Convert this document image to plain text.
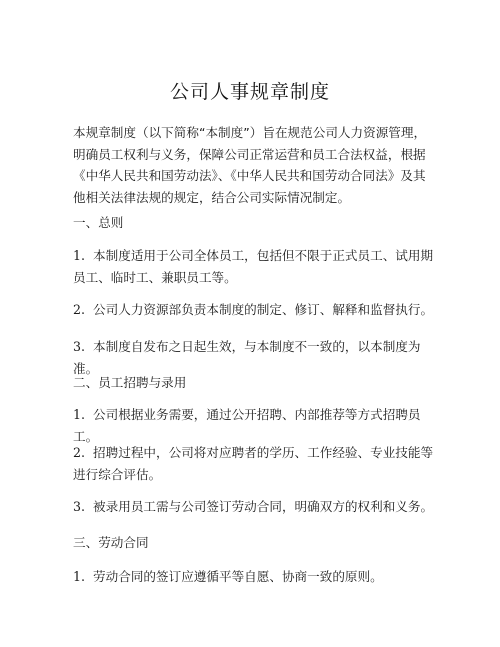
公司人事规章制度
本规章制度（以下简称“本制度”）旨在规范公司人力资源管理，明确员工权利与义务，保障公司正常运营和员工合法权益，根据《中华人民共和国劳动法》、《中华人民共和国劳动合同法》及其他相关法律法规的规定，结合公司实际情况制定。
一、总则
1. 本制度适用于公司全体员工，包括但不限于正式员工、试用期员工、临时工、兼职员工等。
2. 公司人力资源部负责本制度的制定、修订、解释和监督执行。
3. 本制度自发布之日起生效，与本制度不一致的，以本制度为准。
二、员工招聘与录用
1. 公司根据业务需要，通过公开招聘、内部推荐等方式招聘员工。
2. 招聘过程中，公司将对应聘者的学历、工作经验、专业技能等进行综合评估。
3. 被录用员工需与公司签订劳动合同，明确双方的权利和义务。
三、劳动合同
1. 劳动合同的签订应遵循平等自愿、协商一致的原则。
